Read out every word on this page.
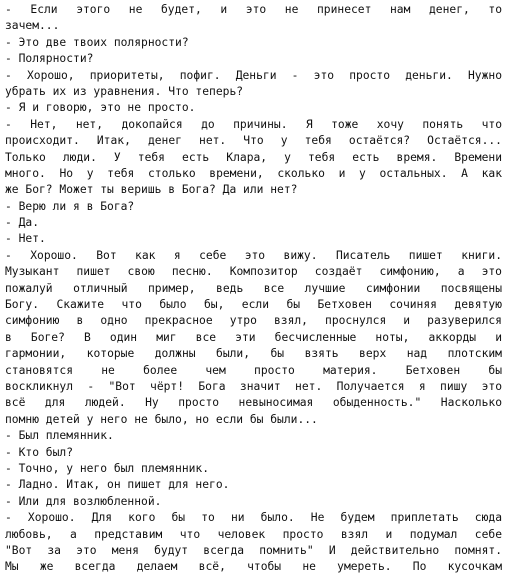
- Если этого не будет, и это не принесет нам денег, то
зачем...
- Это две твоих полярности?
- Полярности?
- Хорошо, приоритеты, пофиг. Деньги - это просто деньги. Нужно
убрать их из уравнения. Что теперь?
- Я и говорю, это не просто.
- Нет, нет, докопайся до причины. Я тоже хочу понять что
происходит. Итак, денег нет. Что у тебя остаётся? Остаётся...
Только люди. У тебя есть Клара, у тебя есть время. Времени
много. Но у тебя столько времени, сколько и у остальных. А как
же Бог? Может ты веришь в Бога? Да или нет?
- Верю ли я в Бога?
- Да.
- Нет.
- Хорошо. Вот как я себе это вижу. Писатель пишет книги.
Музыкант пишет свою песню. Композитор создаёт симфонию, а это
пожалуй отличный пример, ведь все лучшие симфонии посвящены
Богу. Скажите что было бы, если бы Бетховен сочиняя девятую
симфонию в одно прекрасное утро взял, проснулся и разуверился
в Боге? В один миг все эти бесчисленные ноты, аккорды и
гармонии, которые должны были, бы взять верх над плотским
становятся не более чем просто материя. Бетховен бы
воскликнул - "Вот чёрт! Бога значит нет. Получается я пишу это
всё для людей. Ну просто невыносимая обыденность." Насколько
помню детей у него не было, но если бы были...
- Был племянник.
- Кто был?
- Точно, у него был племянник.
- Ладно. Итак, он пишет для него.
- Или для возлюбленной.
- Хорошо. Для кого бы то ни было. Не будем приплетать сюда
любовь, а представим что человек просто взял и подумал себе
"Вот за это меня будут всегда помнить" И действительно помнят.
Мы же всегда делаем всё, чтобы не умереть. По кусочкам
